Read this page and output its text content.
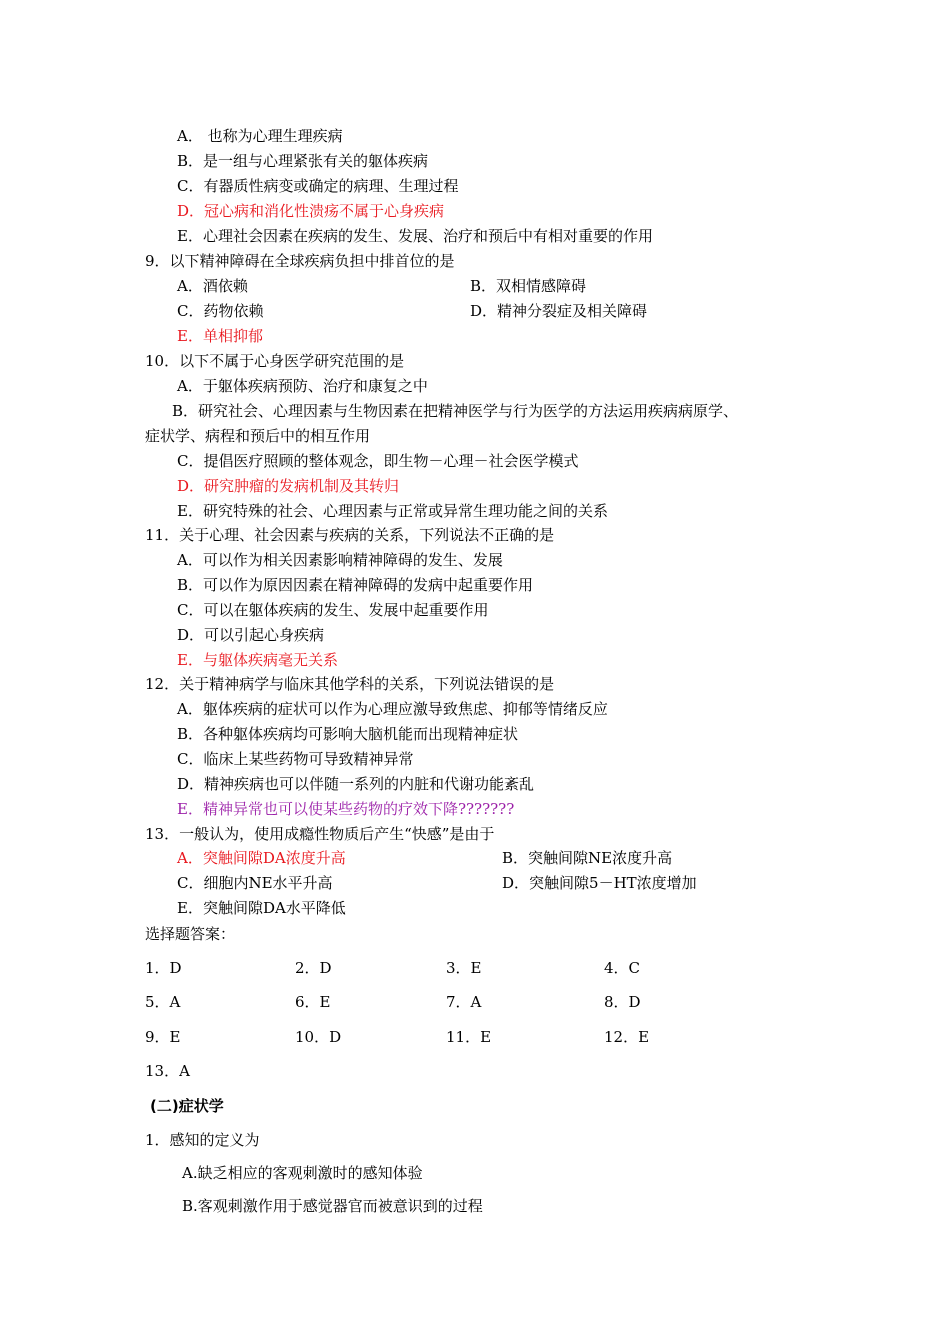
A． 也称为心理生理疾病
B．是一组与心理紧张有关的躯体疾病
C．有器质性病变或确定的病理、生理过程
D．冠心病和消化性溃疡不属于心身疾病
E．心理社会因素在疾病的发生、发展、治疗和预后中有相对重要的作用
9．以下精神障碍在全球疾病负担中排首位的是
A．酒依赖	B．双相情感障碍
C．药物依赖	D．精神分裂症及相关障碍
E．单相抑郁
10．以下不属于心身医学研究范围的是
A．于躯体疾病预防、治疗和康复之中
B．研究社会、心理因素与生物因素在把精神医学与行为医学的方法运用疾病病原学、
症状学、病程和预后中的相互作用
C．提倡医疗照顾的整体观念，即生物－心理－社会医学模式
D．研究肿瘤的发病机制及其转归
E．研究特殊的社会、心理因素与正常或异常生理功能之间的关系
11．关于心理、社会因素与疾病的关系，下列说法不正确的是
A．可以作为相关因素影响精神障碍的发生、发展
B．可以作为原因因素在精神障碍的发病中起重要作用
C．可以在躯体疾病的发生、发展中起重要作用
D．可以引起心身疾病
E．与躯体疾病毫无关系
12．关于精神病学与临床其他学科的关系，下列说法错误的是
A．躯体疾病的症状可以作为心理应激导致焦虑、抑郁等情绪反应
B．各种躯体疾病均可影响大脑机能而出现精神症状
C．临床上某些药物可导致精神异常
D．精神疾病也可以伴随一系列的内脏和代谢功能紊乱
E．精神异常也可以使某些药物的疗效下降???????
13．一般认为，使用成瘾性物质后产生“快感”是由于
A．突触间隙DA浓度升高	B．突触间隙NE浓度升高
C．细胞内NE水平升高	D．突触间隙5－HT浓度增加
E．突触间隙DA水平降低
选择题答案：
1．D	2．D	3．E	4．C
5．A	6．E	7．A	8．D
9．E	10．D	11．E	12．E
13．A
(二)症状学
1．感知的定义为
A.缺乏相应的客观刺激时的感知体验
B.客观刺激作用于感觉器官而被意识到的过程
